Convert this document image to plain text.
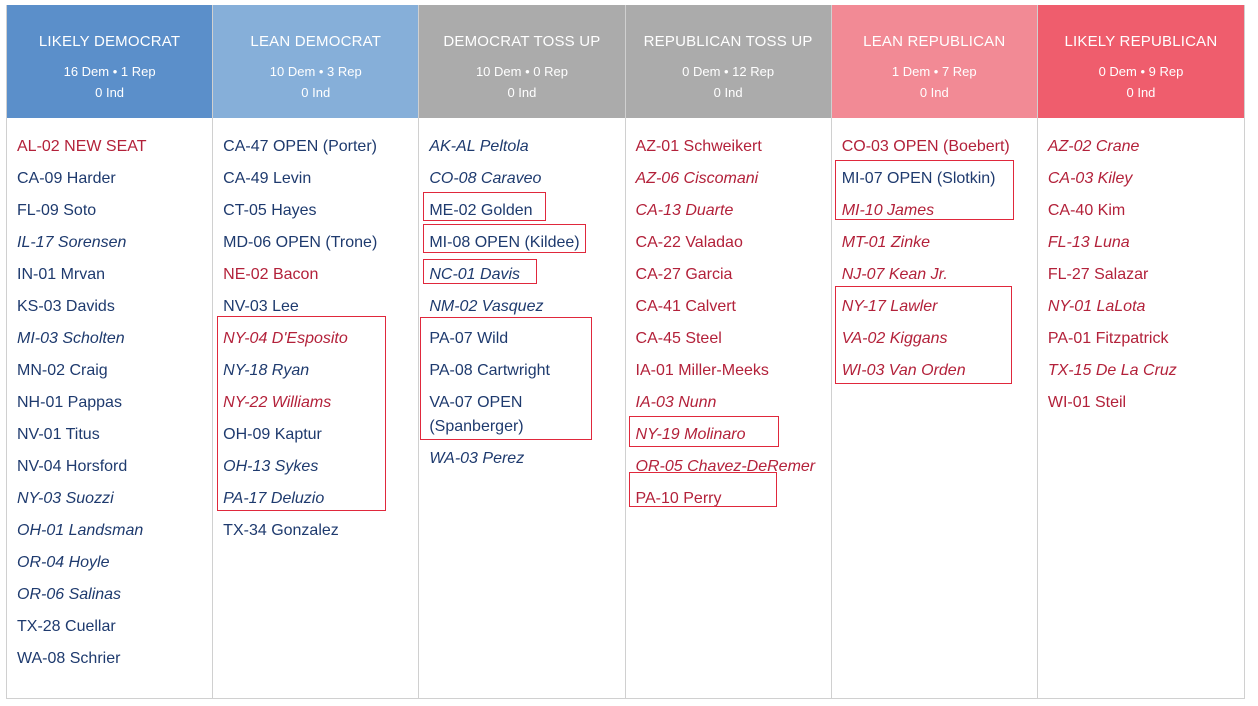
LIKELY DEMOCRAT
16 Dem • 1 Rep
0 Ind
AL-02 NEW SEAT
CA-09 Harder
FL-09 Soto
IL-17 Sorensen
IN-01 Mrvan
KS-03 Davids
MI-03 Scholten
MN-02 Craig
NH-01 Pappas
NV-01 Titus
NV-04 Horsford
NY-03 Suozzi
OH-01 Landsman
OR-04 Hoyle
OR-06 Salinas
TX-28 Cuellar
WA-08 Schrier
LEAN DEMOCRAT
10 Dem • 3 Rep
0 Ind
CA-47 OPEN (Porter)
CA-49 Levin
CT-05 Hayes
MD-06 OPEN (Trone)
NE-02 Bacon
NV-03 Lee
NY-04 D'Esposito
NY-18 Ryan
NY-22 Williams
OH-09 Kaptur
OH-13 Sykes
PA-17 Deluzio
TX-34 Gonzalez
DEMOCRAT TOSS UP
10 Dem • 0 Rep
0 Ind
AK-AL Peltola
CO-08 Caraveo
ME-02 Golden
MI-08 OPEN (Kildee)
NC-01 Davis
NM-02 Vasquez
PA-07 Wild
PA-08 Cartwright
VA-07 OPEN (Spanberger)
WA-03 Perez
REPUBLICAN TOSS UP
0 Dem • 12 Rep
0 Ind
AZ-01 Schweikert
AZ-06 Ciscomani
CA-13 Duarte
CA-22 Valadao
CA-27 Garcia
CA-41 Calvert
CA-45 Steel
IA-01 Miller-Meeks
IA-03 Nunn
NY-19 Molinaro
OR-05 Chavez-DeRemer
PA-10 Perry
LEAN REPUBLICAN
1 Dem • 7 Rep
0 Ind
CO-03 OPEN (Boebert)
MI-07 OPEN (Slotkin)
MI-10 James
MT-01 Zinke
NJ-07 Kean Jr.
NY-17 Lawler
VA-02 Kiggans
WI-03 Van Orden
LIKELY REPUBLICAN
0 Dem • 9 Rep
0 Ind
AZ-02 Crane
CA-03 Kiley
CA-40 Kim
FL-13 Luna
FL-27 Salazar
NY-01 LaLota
PA-01 Fitzpatrick
TX-15 De La Cruz
WI-01 Steil
